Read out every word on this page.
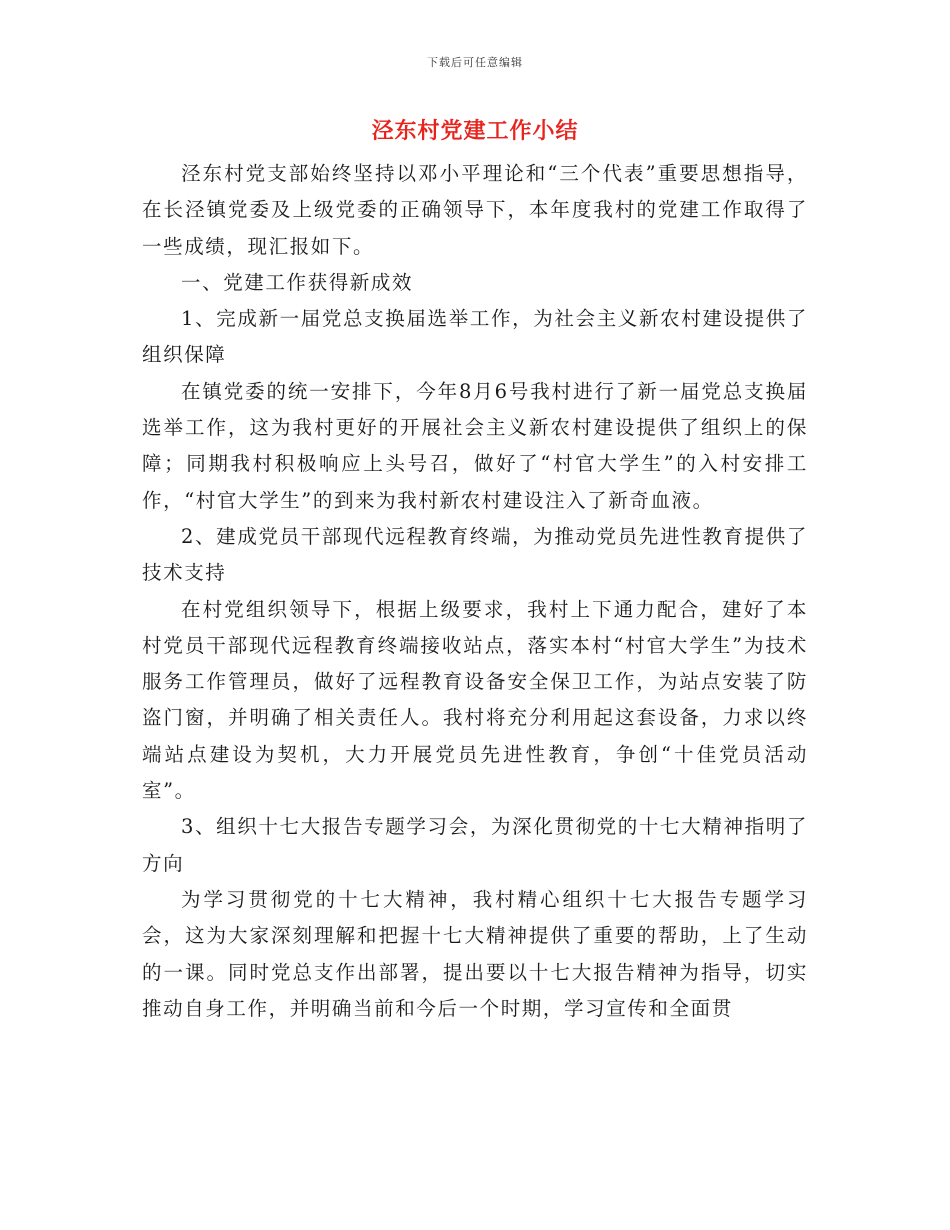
下载后可任意编辑
泾东村党建工作小结

泾东村党支部始终坚持以邓小平理论和“三个代表”重要思想指导，在长泾镇党委及上级党委的正确领导下，本年度我村的党建工作取得了一些成绩，现汇报如下。

一、党建工作获得新成效

1、完成新一届党总支换届选举工作，为社会主义新农村建设提供了组织保障

在镇党委的统一安排下，今年8月6号我村进行了新一届党总支换届选举工作，这为我村更好的开展社会主义新农村建设提供了组织上的保障；同期我村积极响应上头号召，做好了“村官大学生”的入村安排工作，“村官大学生”的到来为我村新农村建设注入了新奇血液。

2、建成党员干部现代远程教育终端，为推动党员先进性教育提供了技术支持

在村党组织领导下，根据上级要求，我村上下通力配合，建好了本村党员干部现代远程教育终端接收站点，落实本村“村官大学生”为技术服务工作管理员，做好了远程教育设备安全保卫工作，为站点安装了防盗门窗，并明确了相关责任人。我村将充分利用起这套设备，力求以终端站点建设为契机，大力开展党员先进性教育，争创“十佳党员活动室”。

3、组织十七大报告专题学习会，为深化贯彻党的十七大精神指明了方向

为学习贯彻党的十七大精神，我村精心组织十七大报告专题学习会，这为大家深刻理解和把握十七大精神提供了重要的帮助，上了生动的一课。同时党总支作出部署，提出要以十七大报告精神为指导，切实推动自身工作，并明确当前和今后一个时期，学习宣传和全面贯
